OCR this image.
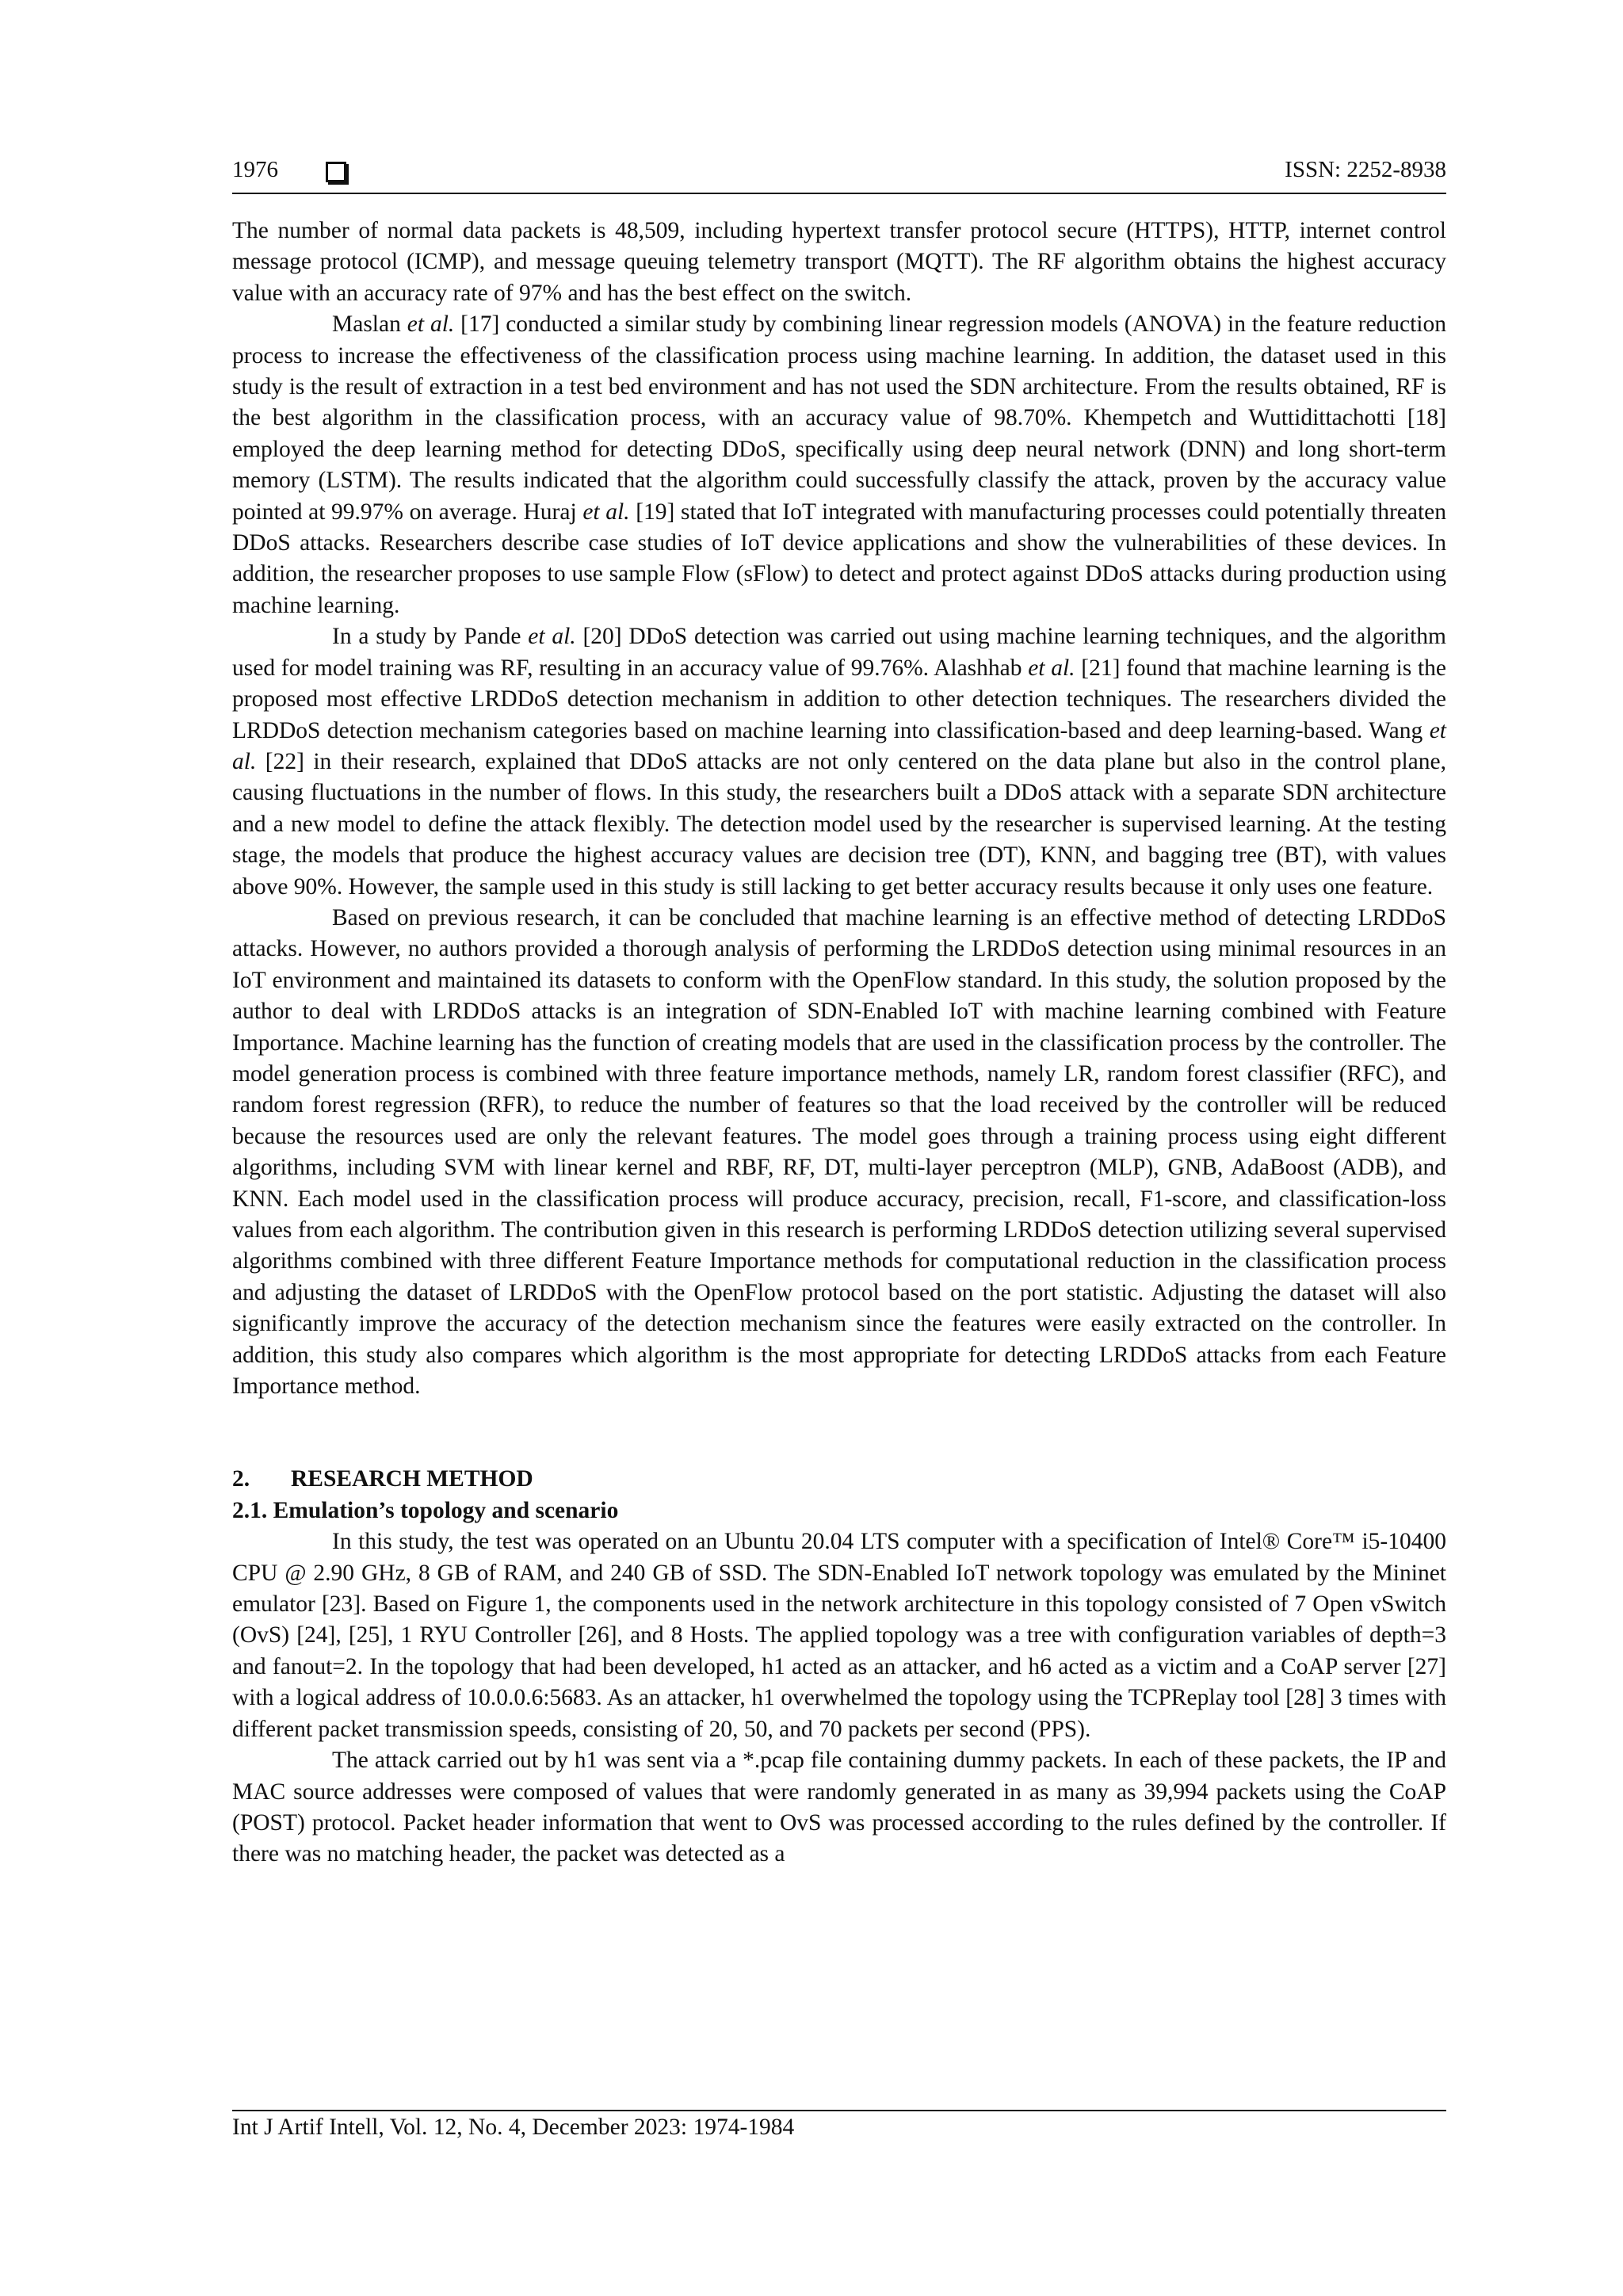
1976	ISSN: 2252-8938

The number of normal data packets is 48,509, including hypertext transfer protocol secure (HTTPS), HTTP, internet control message protocol (ICMP), and message queuing telemetry transport (MQTT). The RF algorithm obtains the highest accuracy value with an accuracy rate of 97% and has the best effect on the switch.

Maslan et al. [17] conducted a similar study by combining linear regression models (ANOVA) in the feature reduction process to increase the effectiveness of the classification process using machine learning. In addition, the dataset used in this study is the result of extraction in a test bed environment and has not used the SDN architecture. From the results obtained, RF is the best algorithm in the classification process, with an accuracy value of 98.70%. Khempetch and Wuttidittachotti [18] employed the deep learning method for detecting DDoS, specifically using deep neural network (DNN) and long short-term memory (LSTM). The results indicated that the algorithm could successfully classify the attack, proven by the accuracy value pointed at 99.97% on average. Huraj et al. [19] stated that IoT integrated with manufacturing processes could potentially threaten DDoS attacks. Researchers describe case studies of IoT device applications and show the vulnerabilities of these devices. In addition, the researcher proposes to use sample Flow (sFlow) to detect and protect against DDoS attacks during production using machine learning.

In a study by Pande et al. [20] DDoS detection was carried out using machine learning techniques, and the algorithm used for model training was RF, resulting in an accuracy value of 99.76%. Alashhab et al. [21] found that machine learning is the proposed most effective LRDDoS detection mechanism in addition to other detection techniques. The researchers divided the LRDDoS detection mechanism categories based on machine learning into classification-based and deep learning-based. Wang et al. [22] in their research, explained that DDoS attacks are not only centered on the data plane but also in the control plane, causing fluctuations in the number of flows. In this study, the researchers built a DDoS attack with a separate SDN architecture and a new model to define the attack flexibly. The detection model used by the researcher is supervised learning. At the testing stage, the models that produce the highest accuracy values are decision tree (DT), KNN, and bagging tree (BT), with values above 90%. However, the sample used in this study is still lacking to get better accuracy results because it only uses one feature.

Based on previous research, it can be concluded that machine learning is an effective method of detecting LRDDoS attacks. However, no authors provided a thorough analysis of performing the LRDDoS detection using minimal resources in an IoT environment and maintained its datasets to conform with the OpenFlow standard. In this study, the solution proposed by the author to deal with LRDDoS attacks is an integration of SDN-Enabled IoT with machine learning combined with Feature Importance. Machine learning has the function of creating models that are used in the classification process by the controller. The model generation process is combined with three feature importance methods, namely LR, random forest classifier (RFC), and random forest regression (RFR), to reduce the number of features so that the load received by the controller will be reduced because the resources used are only the relevant features. The model goes through a training process using eight different algorithms, including SVM with linear kernel and RBF, RF, DT, multi-layer perceptron (MLP), GNB, AdaBoost (ADB), and KNN. Each model used in the classification process will produce accuracy, precision, recall, F1-score, and classification-loss values from each algorithm. The contribution given in this research is performing LRDDoS detection utilizing several supervised algorithms combined with three different Feature Importance methods for computational reduction in the classification process and adjusting the dataset of LRDDoS with the OpenFlow protocol based on the port statistic. Adjusting the dataset will also significantly improve the accuracy of the detection mechanism since the features were easily extracted on the controller. In addition, this study also compares which algorithm is the most appropriate for detecting LRDDoS attacks from each Feature Importance method.

2. RESEARCH METHOD

2.1. Emulation’s topology and scenario

In this study, the test was operated on an Ubuntu 20.04 LTS computer with a specification of Intel® Core™ i5-10400 CPU @ 2.90 GHz, 8 GB of RAM, and 240 GB of SSD. The SDN-Enabled IoT network topology was emulated by the Mininet emulator [23]. Based on Figure 1, the components used in the network architecture in this topology consisted of 7 Open vSwitch (OvS) [24], [25], 1 RYU Controller [26], and 8 Hosts. The applied topology was a tree with configuration variables of depth=3 and fanout=2. In the topology that had been developed, h1 acted as an attacker, and h6 acted as a victim and a CoAP server [27] with a logical address of 10.0.0.6:5683. As an attacker, h1 overwhelmed the topology using the TCPReplay tool [28] 3 times with different packet transmission speeds, consisting of 20, 50, and 70 packets per second (PPS).

The attack carried out by h1 was sent via a *.pcap file containing dummy packets. In each of these packets, the IP and MAC source addresses were composed of values that were randomly generated in as many as 39,994 packets using the CoAP (POST) protocol. Packet header information that went to OvS was processed according to the rules defined by the controller. If there was no matching header, the packet was detected as a

Int J Artif Intell, Vol. 12, No. 4, December 2023: 1974-1984
